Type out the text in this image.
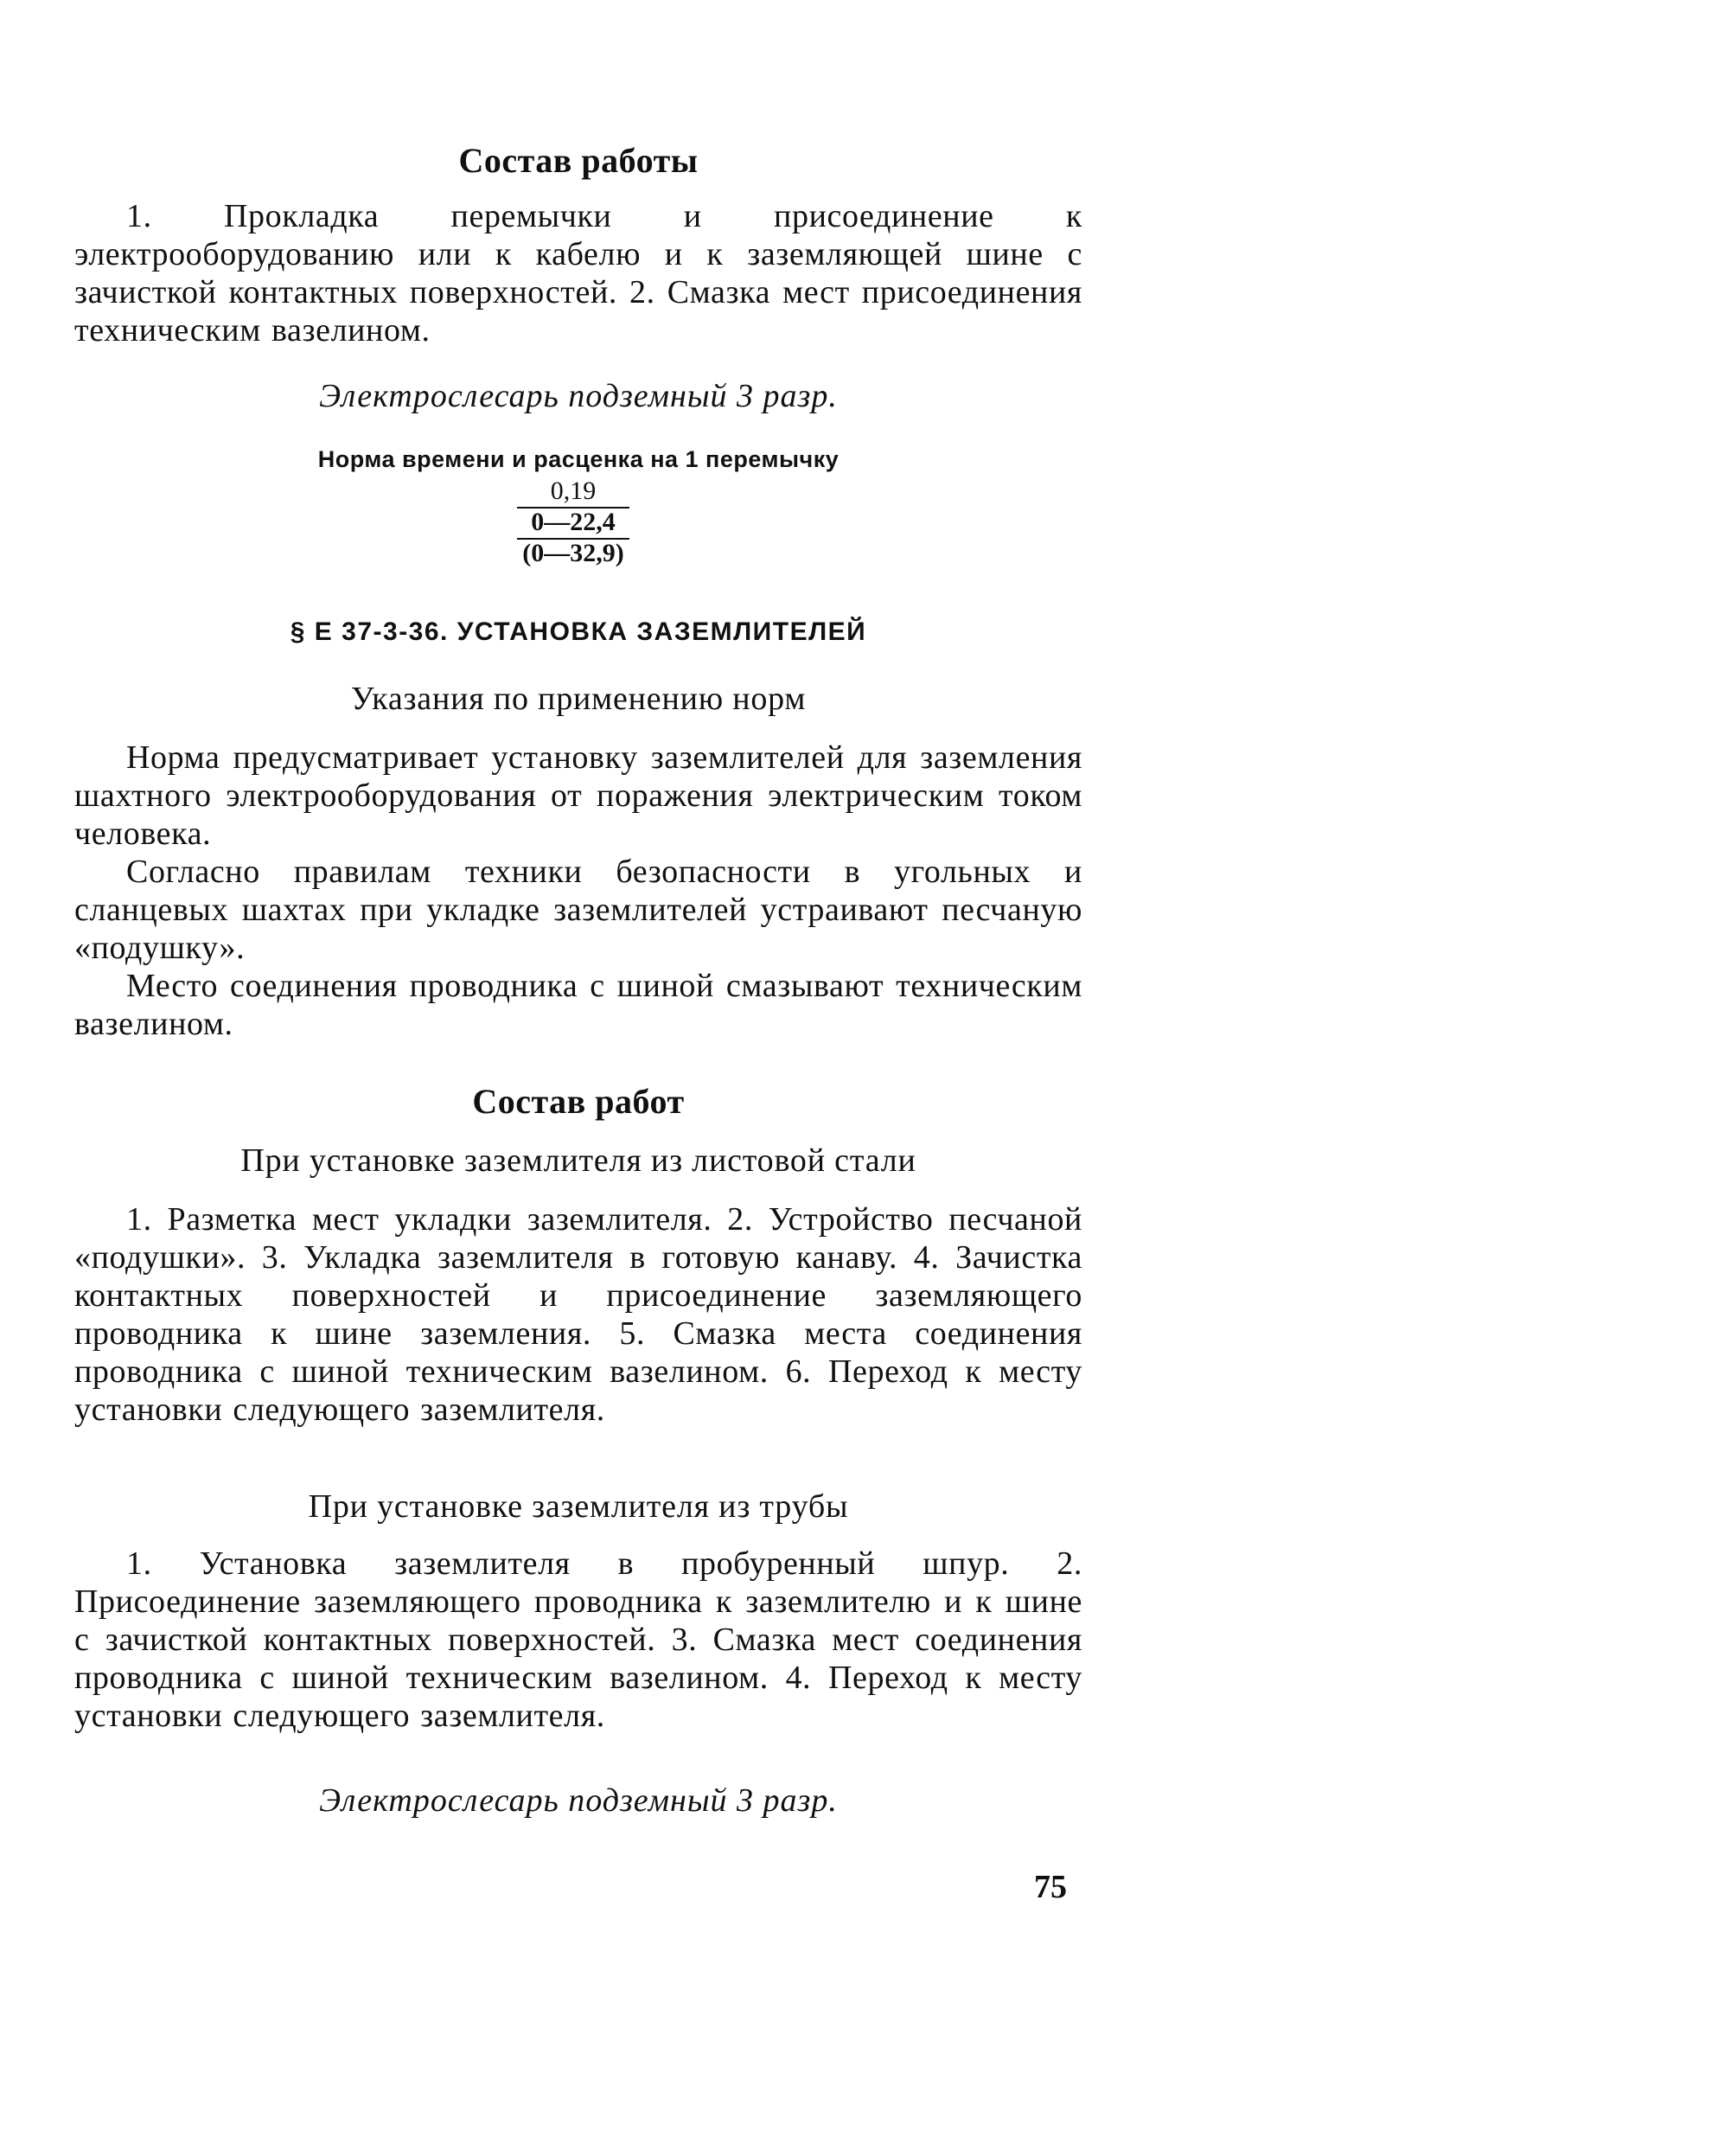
Состав работы
1. Прокладка перемычки и присоединение к электрооборудованию или к кабелю и к заземляющей шине с зачисткой контактных поверхностей. 2. Смазка мест присоединения техническим вазелином.
Электрослесарь подземный 3 разр.
Норма времени и расценка на 1 перемычку
0,19
0—22,4
(0—32,9)
§ Е 37-3-36. УСТАНОВКА ЗАЗЕМЛИТЕЛЕЙ
Указания по применению норм
Норма предусматривает установку заземлителей для заземления шахтного электрооборудования от поражения электрическим током человека.
Согласно правилам техники безопасности в угольных и сланцевых шахтах при укладке заземлителей устраивают песчаную «подушку».
Место соединения проводника с шиной смазывают техническим вазелином.
Состав работ
При установке заземлителя из листовой стали
1. Разметка мест укладки заземлителя. 2. Устройство песчаной «подушки». 3. Укладка заземлителя в готовую канаву. 4. Зачистка контактных поверхностей и присоединение заземляющего проводника к шине заземления. 5. Смазка места соединения проводника с шиной техническим вазелином. 6. Переход к месту установки следующего заземлителя.
При установке заземлителя из трубы
1. Установка заземлителя в пробуренный шпур. 2. Присоединение заземляющего проводника к заземлителю и к шине с зачисткой контактных поверхностей. 3. Смазка мест соединения проводника с шиной техническим вазелином. 4. Переход к месту установки следующего заземлителя.
Электрослесарь подземный 3 разр.
75
